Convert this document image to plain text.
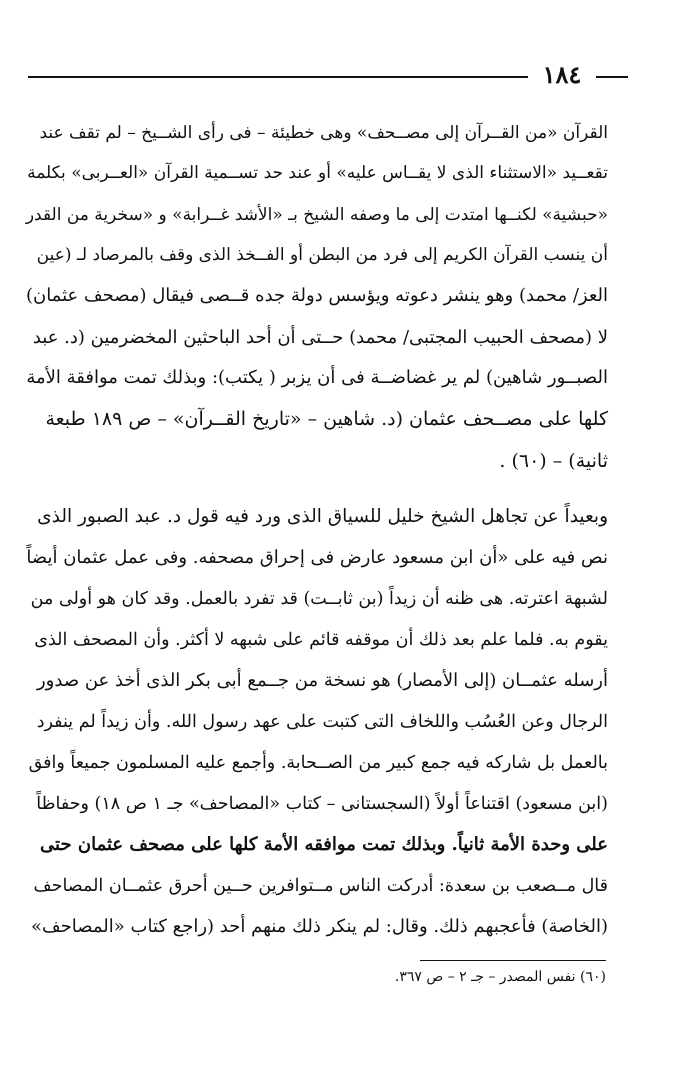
١٨٤
القرآن «من القــرآن إلى مصــحف» وهى خطيئة – فى رأى الشــيخ – لم تقف عند
تقعــيد «الاستثناء الذى لا يقــاس عليه» أو عند حد تســمية القرآن «العــربى» بكلمة
«حبشية» لكنــها امتدت إلى ما وصفه الشيخ بـ «الأشد غــرابة» و «سخرية من القدر
أن ينسب القرآن الكريم إلى فرد من البطن أو الفــخذ الذى وقف بالمرصاد لـ (عين
العز/ محمد) وهو ينشر دعوته ويؤسس دولة جده قــصى فيقال (مصحف عثمان)
لا (مصحف الحبيب المجتبى/ محمد) حــتى أن أحد الباحثين المخضرمين (د. عبد
الصبــور شاهين) لم ير غضاضــة فى أن يزبر ( يكتب): وبذلك تمت موافقة الأمة
كلها على مصــحف عثمان (د. شاهين – «تاريخ القــرآن» – ص ١٨٩ طبعة
ثانية) – (٦٠) .
وبعيداً عن تجاهل الشيخ خليل للسياق الذى ورد فيه قول د. عبد الصبور الذى
نص فيه على «أن ابن مسعود عارض فى إحراق مصحفه. وفى عمل عثمان أيضاً
لشبهة اعترته. هى ظنه أن زيداً (بن ثابــت) قد تفرد بالعمل. وقد كان هو أولى من
يقوم به. فلما علم بعد ذلك أن موقفه قائم على شبهه لا أكثر. وأن المصحف الذى
أرسله عثمــان (إلى الأمصار) هو نسخة من جــمع أبى بكر الذى أخذ عن صدور
الرجال وعن العُسُب واللخاف التى كتبت على عهد رسول الله. وأن زيداً لم ينفرد
بالعمل بل شاركه فيه جمع كبير من الصــحابة. وأجمع عليه المسلمون جميعاً وافق
(ابن مسعود) اقتناعاً أولاً (السجستانى – كتاب «المصاحف» جـ ١ ص ١٨) وحفاظاً
على وحدة الأمة ثانياً. وبذلك تمت موافقه الأمة كلها على مصحف عثمان حتى
قال مــصعب بن سعدة: أدركت الناس مــتوافرين حــين أحرق عثمــان المصاحف
(الخاصة) فأعجبهم ذلك. وقال: لم ينكر ذلك منهم أحد (راجع كتاب «المصاحف»
(٦٠) نفس المصدر – جـ ٢ – ص ٣٦٧.
